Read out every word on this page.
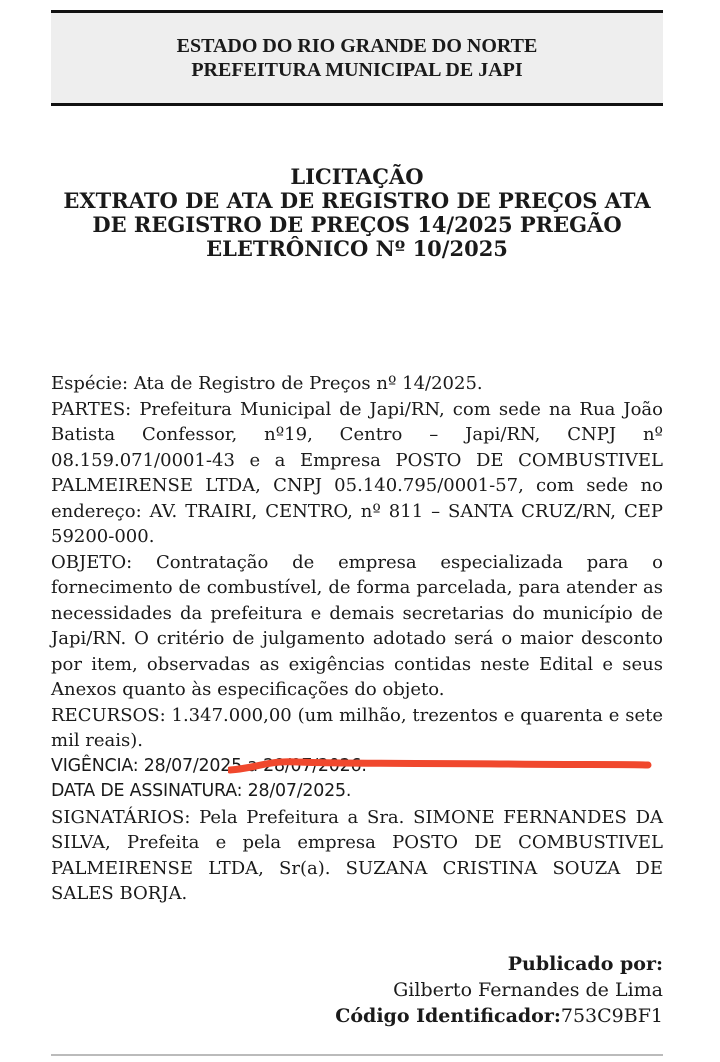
ESTADO DO RIO GRANDE DO NORTE
PREFEITURA MUNICIPAL DE JAPI
LICITAÇÃO
EXTRATO DE ATA DE REGISTRO DE PREÇOS ATA DE REGISTRO DE PREÇOS 14/2025 PREGÃO ELETRÔNICO Nº 10/2025

Espécie: Ata de Registro de Preços nº 14/2025.

PARTES: Prefeitura Municipal de Japi/RN, com sede na Rua João Batista Confessor, nº19, Centro – Japi/RN, CNPJ nº 08.159.071/0001-43 e a Empresa POSTO DE COMBUSTIVEL PALMEIRENSE LTDA, CNPJ 05.140.795/0001-57, com sede no endereço: AV. TRAIRI, CENTRO, nº 811 – SANTA CRUZ/RN, CEP 59200-000.

OBJETO: Contratação de empresa especializada para o fornecimento de combustível, de forma parcelada, para atender as necessidades da prefeitura e demais secretarias do município de Japi/RN. O critério de julgamento adotado será o maior desconto por item, observadas as exigências contidas neste Edital e seus Anexos quanto às especificações do objeto.

RECURSOS: 1.347.000,00 (um milhão, trezentos e quarenta e sete mil reais).

VIGÊNCIA: 28/07/2025 a 28/07/2026.

DATA DE ASSINATURA: 28/07/2025.

SIGNATÁRIOS: Pela Prefeitura a Sra. SIMONE FERNANDES DA SILVA, Prefeita e pela empresa POSTO DE COMBUSTIVEL PALMEIRENSE LTDA, Sr(a). SUZANA CRISTINA SOUZA DE SALES BORJA.

Publicado por:
Gilberto Fernandes de Lima
Código Identificador:753C9BF1
